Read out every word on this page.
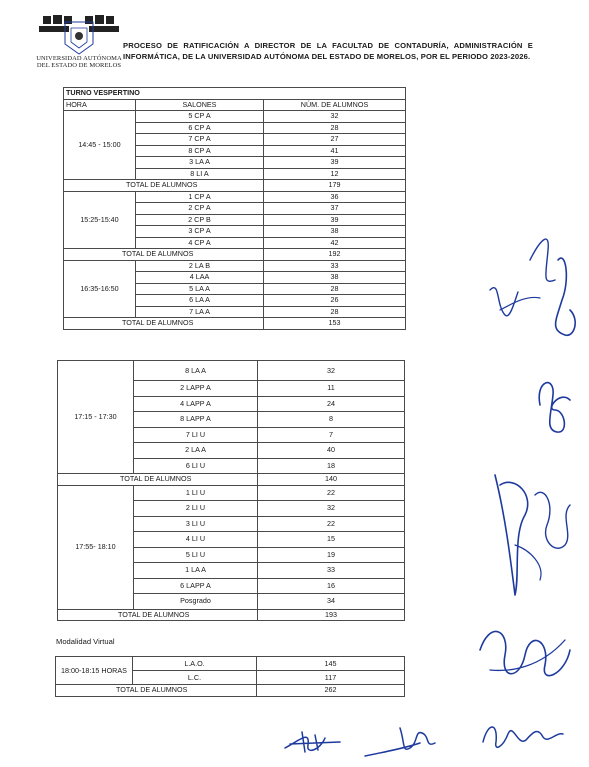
UNIVERSIDAD AUTÓNOMA DEL ESTADO DE MORELOS
PROCESO DE RATIFICACIÓN A DIRECTOR DE LA FACULTAD DE CONTADURÍA, ADMINISTRACIÓN E INFORMÁTICA, DE LA UNIVERSIDAD AUTÓNOMA DEL ESTADO DE MORELOS, POR EL PERIODO 2023-2026.
TURNO VESPERTINO		
HORA	SALONES	NÚM. DE ALUMNOS
14:45 - 15:00	5 CP A	32
	6 CP A	28
	7 CP A	27
	8 CP A	41
	3 LA A	39
	8 LI A	12
TOTAL DE ALUMNOS		179
15:25-15:40	1 CP A	36
	2 CP A	37
	2 CP B	39
	3 CP A	38
	4 CP A	42
TOTAL DE ALUMNOS		192
16:35-16:50	2 LA B	33
	4 LAA	38
	5 LA A	28
	6 LA A	26
	7 LA A	28
TOTAL DE ALUMNOS		153
17:15 - 17:30	8 LA A	32
	2 LAPP A	11
	4 LAPP A	24
	8 LAPP A	8
	7 LI U	7
	2 LA A	40
	6 LI U	18
TOTAL DE ALUMNOS		140
17:55- 18:10	1 LI U	22
	2 LI U	32
	3 LI U	22
	4 LI U	15
	5 LI U	19
	1 LA A	33
	6 LAPP A	16
	Posgrado	34
TOTAL DE ALUMNOS		193
Modalidad Virtual
18:00-18:15 HORAS	L.A.O.	145
	L.C.	117
TOTAL DE ALUMNOS		262
